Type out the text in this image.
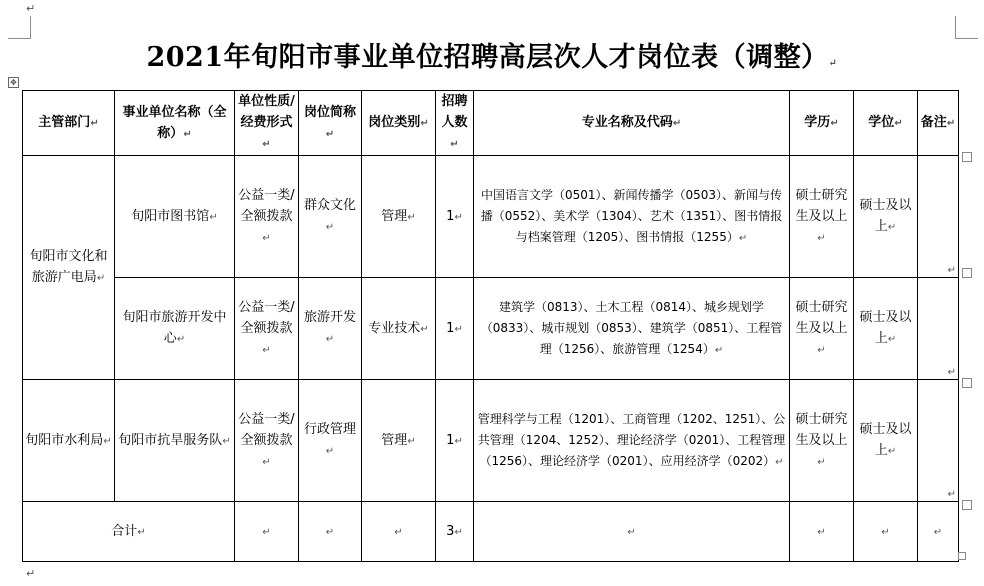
↵
↵
2021年旬阳市事业单位招聘高层次人才岗位表（调整）↵
✥
主管部门↵	事业单位名称（全称）↵	单位性质/经费形式↵	岗位简称↵	岗位类别↵	招聘人数↵	专业名称及代码↵	学历↵	学位↵	备注↵
旬阳市文化和旅游广电局↵	旬阳市图书馆↵	公益一类/全额拨款↵	群众文化↵	管理↵	1↵	中国语言文学（0501）、新闻传播学（0503）、新闻与传播（0552）、美术学（1304）、艺术（1351）、图书情报与档案管理（1205）、图书情报（1255）↵	硕士研究生及以上↵	硕士及以上↵	↵

	旬阳市旅游开发中心↵	公益一类/全额拨款↵	旅游开发↵	专业技术↵	1↵	建筑学（0813）、土木工程（0814）、城乡规划学（0833）、城市规划（0853）、建筑学（0851）、工程管理（1256）、旅游管理（1254）↵	硕士研究生及以上↵	硕士及以上↵	↵

旬阳市水利局↵	旬阳市抗旱服务队↵	公益一类/全额拨款↵	行政管理↵	管理↵	1↵	管理科学与工程（1201）、工商管理（1202、1251）、公共管理（1204、1252）、理论经济学（0201）、工程管理（1256）、理论经济学（0201）、应用经济学（0202）↵	硕士研究生及以上↵	硕士及以上↵	↵

合计↵		↵	↵	↵	3↵	↵	↵	↵	↵
